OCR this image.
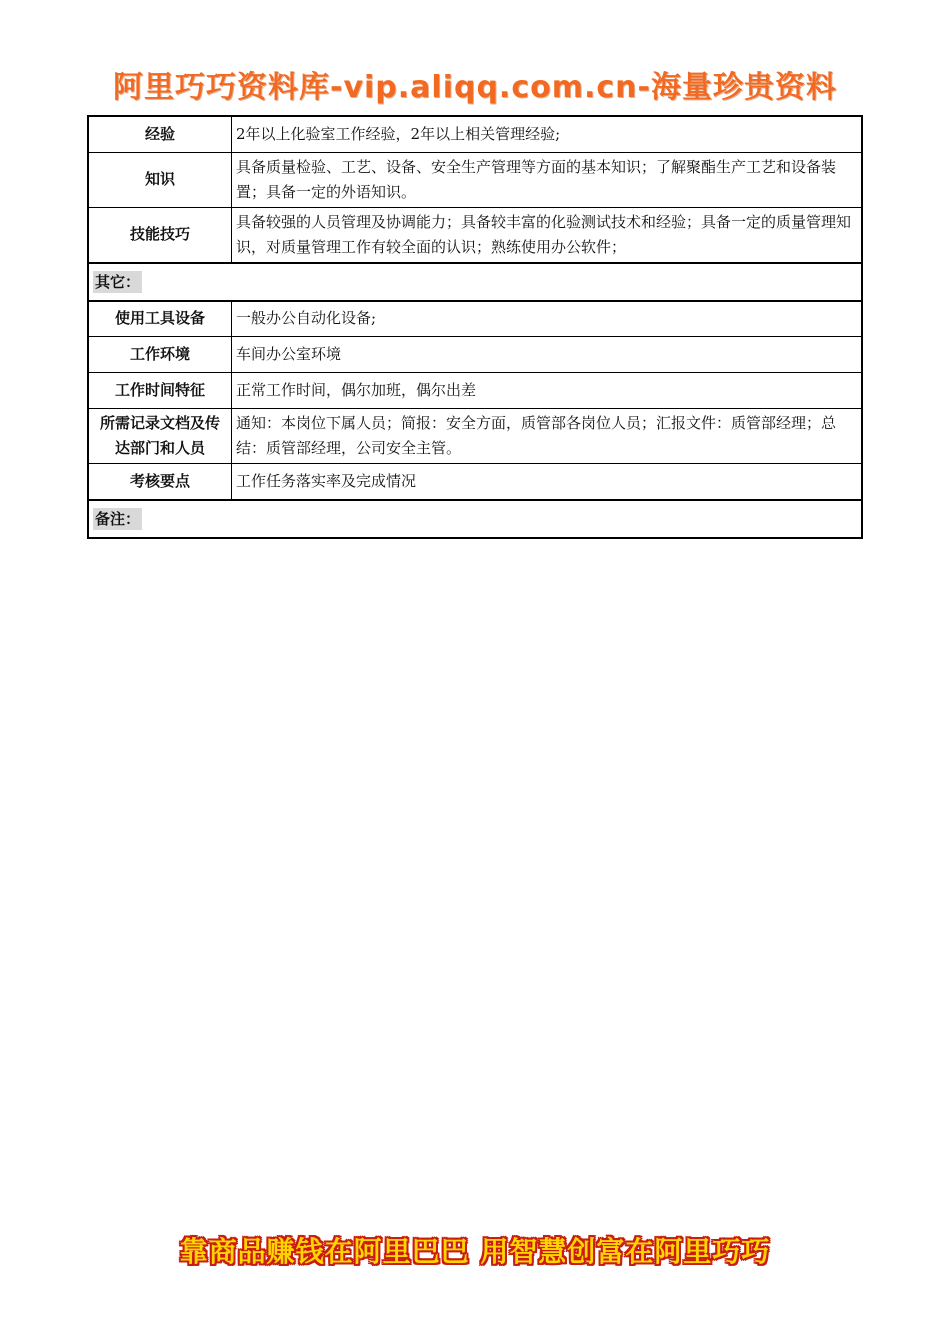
阿里巧巧资料库-vip.aliqq.com.cn-海量珍贵资料
经验	2年以上化验室工作经验，2年以上相关管理经验;
知识	具备质量检验、工艺、设备、安全生产管理等方面的基本知识；了解聚酯生产工艺和设备装置；具备一定的外语知识。
技能技巧	具备较强的人员管理及协调能力；具备较丰富的化验测试技术和经验；具备一定的质量管理知识，对质量管理工作有较全面的认识；熟练使用办公软件；
其它：	
使用工具设备	一般办公自动化设备;
工作环境	车间办公室环境
工作时间特征	正常工作时间，偶尔加班，偶尔出差
所需记录文档及传达部门和人员	通知：本岗位下属人员；简报：安全方面，质管部各岗位人员；汇报文件：质管部经理；总结：质管部经理，公司安全主管。
考核要点	工作任务落实率及完成情况
备注：	
靠商品赚钱在阿里巴巴 用智慧创富在阿里巧巧
